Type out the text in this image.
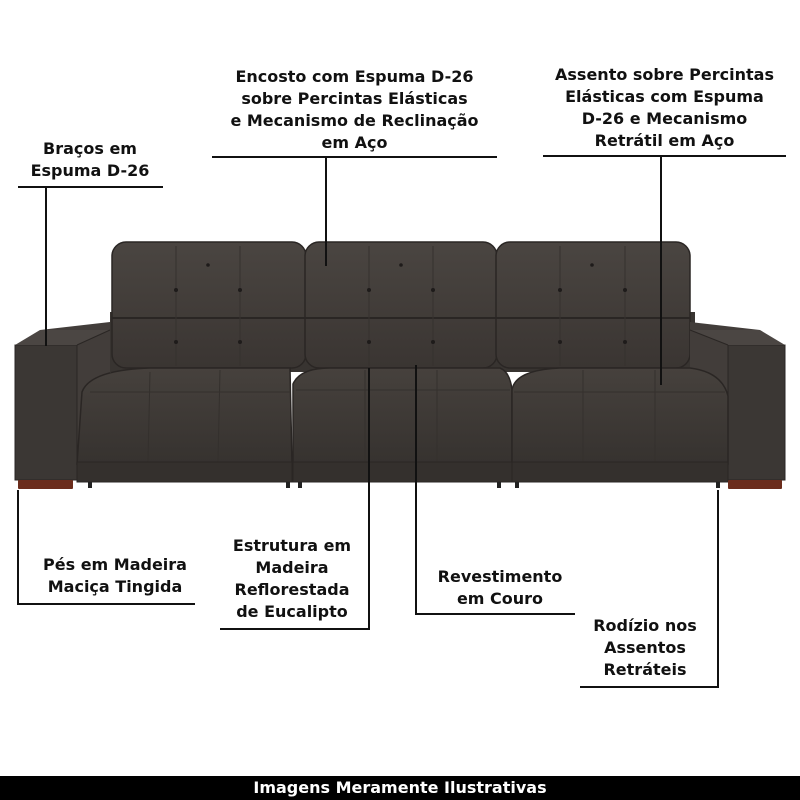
Braços em
Espuma D-26
Encosto com Espuma D-26
sobre Percintas Elásticas
e Mecanismo de Reclinação
em Aço
Assento sobre Percintas
Elásticas com Espuma
D-26 e Mecanismo
Retrátil em Aço
Pés em Madeira
Maciça Tingida
Estrutura em
Madeira
Reflorestada
de Eucalipto
Revestimento
em Couro
Rodízio nos
Assentos
Retráteis
Imagens Meramente Ilustrativas
